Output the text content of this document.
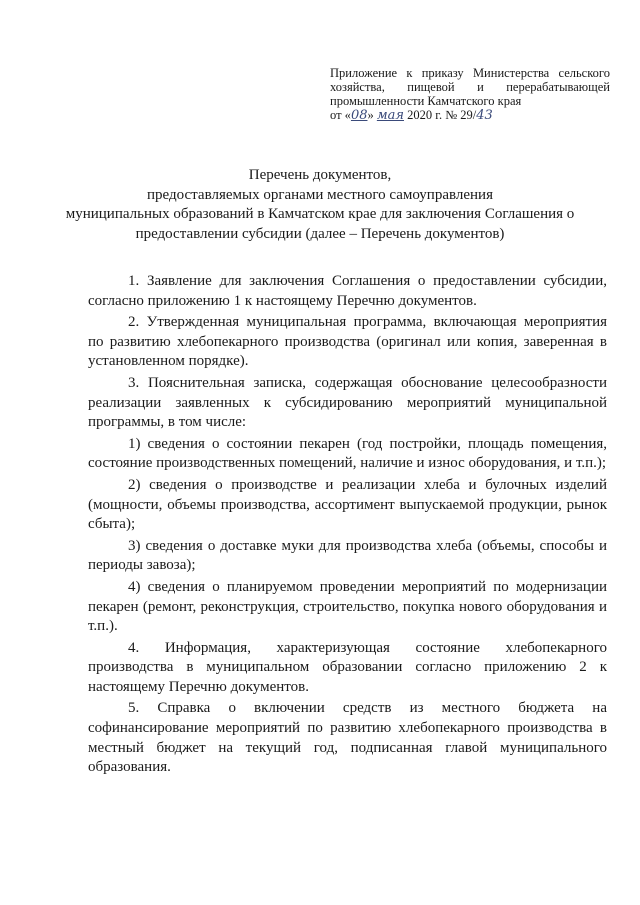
Приложение к приказу Министерства сельского
хозяйства, пищевой и перерабатывающей
промышленности Камчатского края
от «08» мая 2020 г. № 29/43
Перечень документов,
предоставляемых органами местного самоуправления
муниципальных образований в Камчатском крае для заключения Соглашения о
предоставлении субсидии (далее – Перечень документов)

1. Заявление для заключения Соглашения о предоставлении субсидии, согласно приложению 1 к настоящему Перечню документов.

2. Утвержденная муниципальная программа, включающая мероприятия по развитию хлебопекарного производства (оригинал или копия, заверенная в установленном порядке).

3. Пояснительная записка, содержащая обоснование целесообразности реализации заявленных к субсидированию мероприятий муниципальной программы, в том числе:

1) сведения о состоянии пекарен (год постройки, площадь помещения, состояние производственных помещений, наличие и износ оборудования, и т.п.);

2) сведения о производстве и реализации хлеба и булочных изделий (мощности, объемы производства, ассортимент выпускаемой продукции, рынок сбыта);

3) сведения о доставке муки для производства хлеба (объемы, способы и периоды завоза);

4) сведения о планируемом проведении мероприятий по модернизации пекарен (ремонт, реконструкция, строительство, покупка нового оборудования и т.п.).

4. Информация, характеризующая состояние хлебопекарного производства в муниципальном образовании согласно приложению 2 к настоящему Перечню документов.

5. Справка о включении средств из местного бюджета на софинансирование мероприятий по развитию хлебопекарного производства в местный бюджет на текущий год, подписанная главой муниципального образования.
